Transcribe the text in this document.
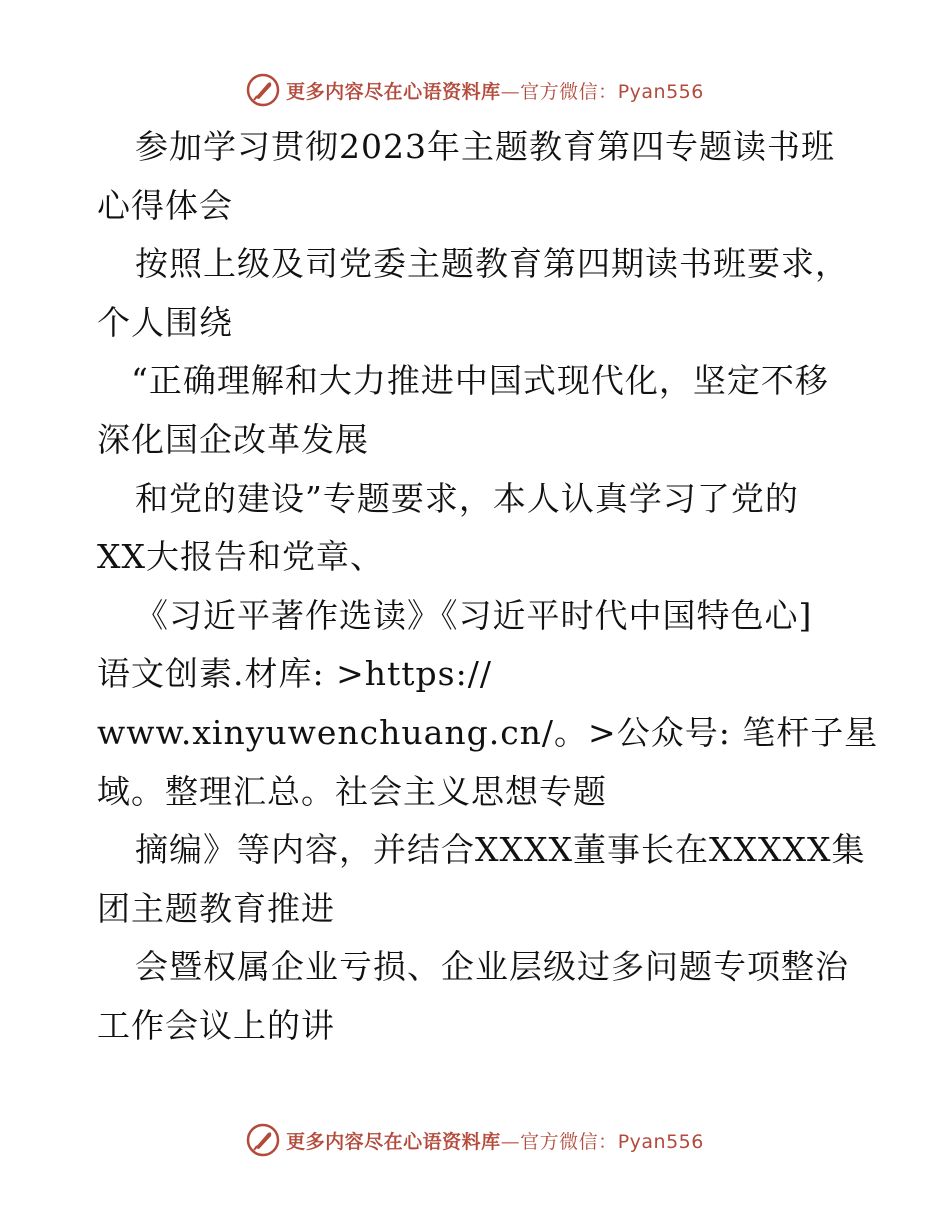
更多内容尽在心语资料库—官方微信：Pyan556
参加学习贯彻2023年主题教育第四专题读书班
心得体会
按照上级及司党委主题教育第四期读书班要求，
个人围绕
“正确理解和大力推进中国式现代化，坚定不移
深化国企改革发展
和党的建设”专题要求，本人认真学习了党的
XX大报告和党章、
《习近平著作选读》《习近平时代中国特色心]
语文创素.材库: >https://
www.xinyuwenchuang.cn/。>公众号: 笔杆子星
域。整理汇总。社会主义思想专题
摘编》等内容，并结合XXXX董事长在XXXXX集
团主题教育推进
会暨权属企业亏损、企业层级过多问题专项整治
工作会议上的讲
更多内容尽在心语资料库—官方微信：Pyan556
